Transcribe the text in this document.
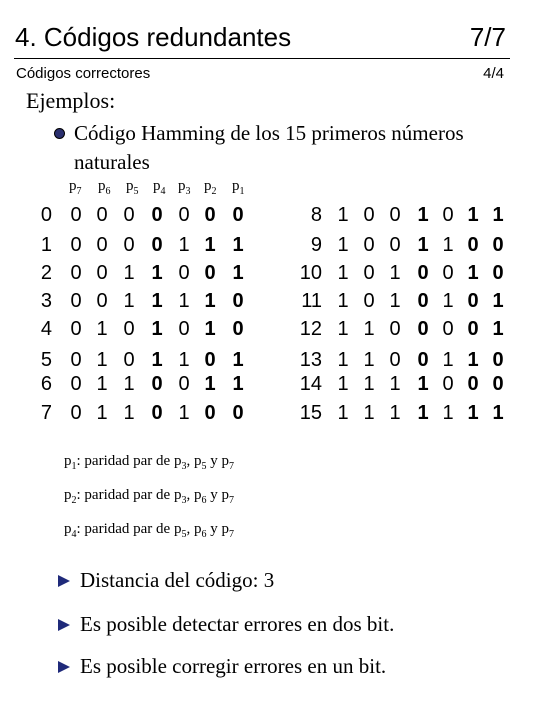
4. Códigos redundantes	7/7
Códigos correctores	4/4
Ejemplos:
Código Hamming de los 15 primeros números naturales
$p_7$ $p_6$ $p_5$ $p_4$ $p_3$ $p_2$ $p_1$
0 0 0 0 0 0 0 0
1 0 0 0 0 1 1 1
2 0 0 1 1 0 0 1
3 0 0 1 1 1 1 0
4 0 1 0 1 0 1 0
5 0 1 0 1 1 0 1
6 0 1 1 0 0 1 1
7 0 1 1 0 1 0 0
8 1 0 0 1 0 1 1
9 1 0 0 1 1 0 0
10 1 0 1 0 0 1 0
11 1 0 1 0 1 0 1
12 1 1 0 0 0 0 1
13 1 1 0 0 1 1 0
14 1 1 1 1 0 0 0
15 1 1 1 1 1 1 1
$p_1$: paridad par de $p_3$, $p_5$ y $p_7$
$p_2$: paridad par de $p_3$, $p_6$ y $p_7$
$p_4$: paridad par de $p_5$, $p_6$ y $p_7$
Distancia del código: 3
Es posible detectar errores en dos bit.
Es posible corregir errores en un bit.
